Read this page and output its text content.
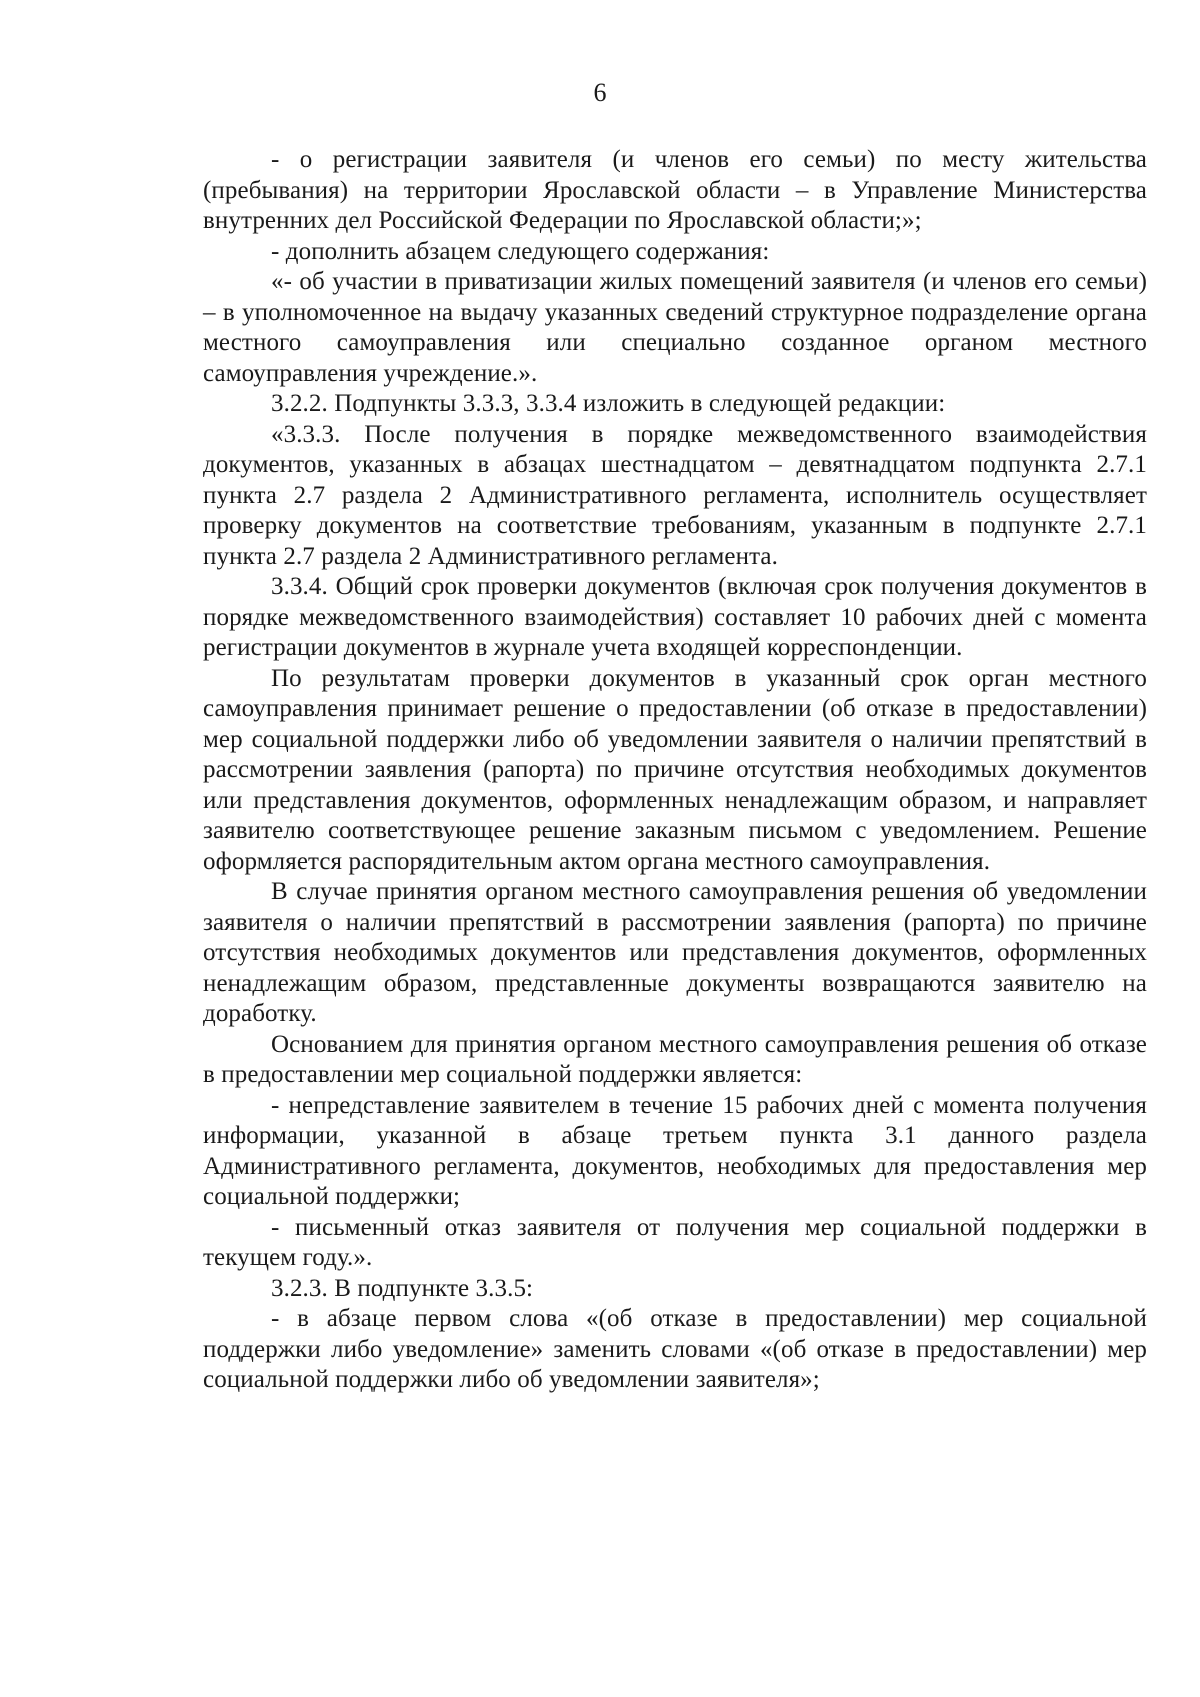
6

- о регистрации заявителя (и членов его семьи) по месту жительства (пребывания) на территории Ярославской области – в Управление Министерства внутренних дел Российской Федерации по Ярославской области;»;

- дополнить абзацем следующего содержания:

«- об участии в приватизации жилых помещений заявителя (и членов его семьи) – в уполномоченное на выдачу указанных сведений структурное подразделение органа местного самоуправления или специально созданное органом местного самоуправления учреждение.».

3.2.2. Подпункты 3.3.3, 3.3.4 изложить в следующей редакции:

«3.3.3. После получения в порядке межведомственного взаимодействия документов, указанных в абзацах шестнадцатом – девятнадцатом подпункта 2.7.1 пункта 2.7 раздела 2 Административного регламента, исполнитель осуществляет проверку документов на соответствие требованиям, указанным в подпункте 2.7.1 пункта 2.7 раздела 2 Административного регламента.

3.3.4. Общий срок проверки документов (включая срок получения документов в порядке межведомственного взаимодействия) составляет 10 рабочих дней с момента регистрации документов в журнале учета входящей корреспонденции.

По результатам проверки документов в указанный срок орган местного самоуправления принимает решение о предоставлении (об отказе в предоставлении) мер социальной поддержки либо об уведомлении заявителя о наличии препятствий в рассмотрении заявления (рапорта) по причине отсутствия необходимых документов или представления документов, оформленных ненадлежащим образом, и направляет заявителю соответствующее решение заказным письмом с уведомлением. Решение оформляется распорядительным актом органа местного самоуправления.

В случае принятия органом местного самоуправления решения об уведомлении заявителя о наличии препятствий в рассмотрении заявления (рапорта) по причине отсутствия необходимых документов или представления документов, оформленных ненадлежащим образом, представленные документы возвращаются заявителю на доработку.

Основанием для принятия органом местного самоуправления решения об отказе в предоставлении мер социальной поддержки является:

- непредставление заявителем в течение 15 рабочих дней с момента получения информации, указанной в абзаце третьем пункта 3.1 данного раздела Административного регламента, документов, необходимых для предоставления мер социальной поддержки;

- письменный отказ заявителя от получения мер социальной поддержки в текущем году.».

3.2.3. В подпункте 3.3.5:

- в абзаце первом слова «(об отказе в предоставлении) мер социальной поддержки либо уведомление» заменить словами «(об отказе в предоставлении) мер социальной поддержки либо об уведомлении заявителя»;
